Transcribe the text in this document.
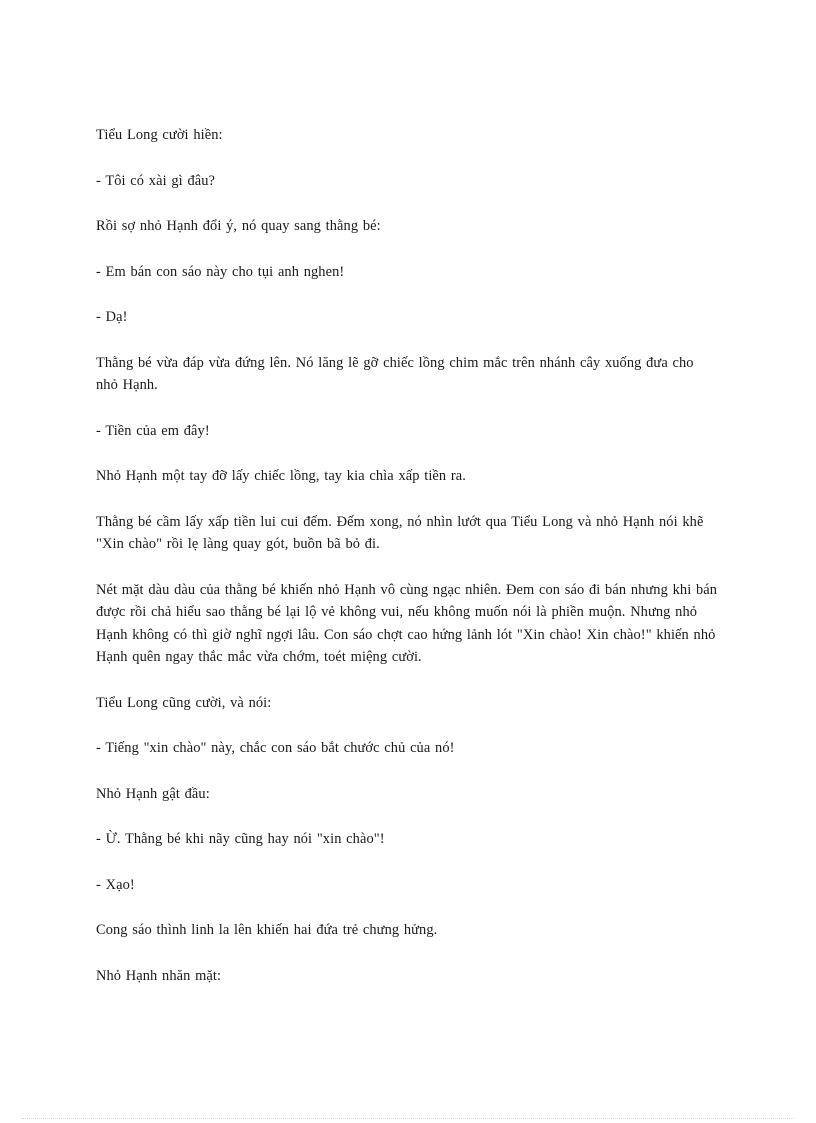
Tiểu Long cười hiền:

- Tôi có xài gì đâu?

Rồi sợ nhỏ Hạnh đổi ý, nó quay sang thằng bé:

- Em bán con sáo này cho tụi anh nghen!

- Dạ!

Thằng bé vừa đáp vừa đứng lên. Nó lăng lẽ gỡ chiếc lồng chim mắc trên nhánh cây xuống đưa cho nhỏ Hạnh.

- Tiền của em đây!

Nhỏ Hạnh một tay đỡ lấy chiếc lồng, tay kia chìa xấp tiền ra.

Thằng bé cầm lấy xấp tiền lui cui đếm. Đếm xong, nó nhìn lướt qua Tiểu Long và nhỏ Hạnh nói khẽ "Xin chào" rồi lẹ làng quay gót, buồn bã bỏ đi.

Nét mặt dàu dàu của thằng bé khiến nhỏ Hạnh vô cùng ngạc nhiên. Đem con sáo đi bán nhưng khi bán được rồi chả hiểu sao thằng bé lại lộ vẻ không vui, nếu không muốn nói là phiền muộn. Nhưng nhỏ Hạnh không có thì giờ nghĩ ngợi lâu. Con sáo chợt cao hứng lảnh lót "Xin chào! Xin chào!" khiến nhỏ Hạnh quên ngay thắc mắc vừa chớm, toét miệng cười.

Tiểu Long cũng cười, và nói:

- Tiếng "xin chào" này, chắc con sáo bắt chước chủ của nó!

Nhỏ Hạnh gật đầu:

- Ừ. Thằng bé khi nãy cũng hay nói "xin chào"!

- Xạo!

Cong sáo thình linh la lên khiến hai đứa trẻ chưng hửng.

Nhỏ Hạnh nhăn mặt:
